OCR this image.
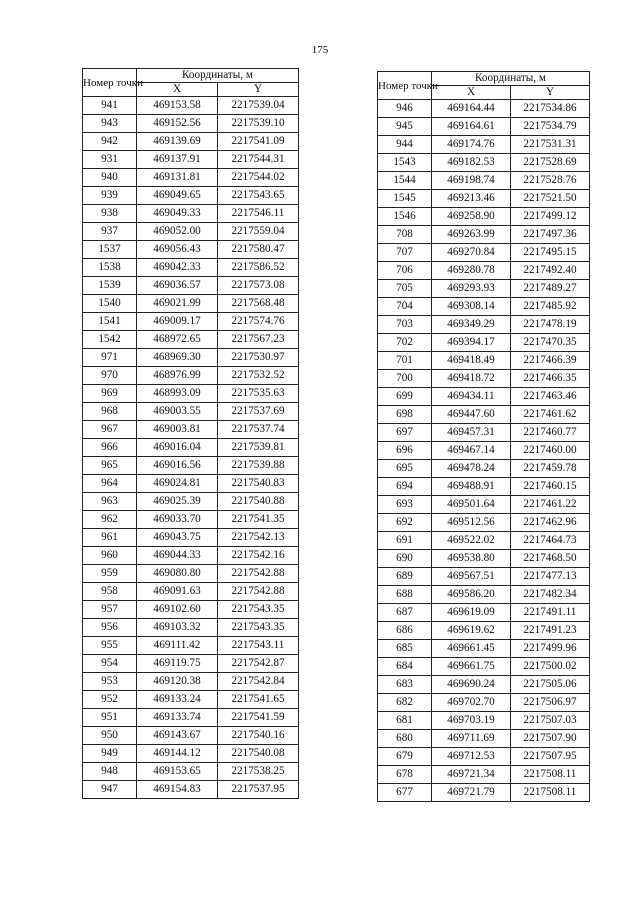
175
Номер точки	Координаты, м	
	X	Y
941	469153.58	2217539.04
943	469152.56	2217539.10
942	469139.69	2217541.09
931	469137.91	2217544.31
940	469131.81	2217544.02
939	469049.65	2217543.65
938	469049.33	2217546.11
937	469052.00	2217559.04
1537	469056.43	2217580.47
1538	469042.33	2217586.52
1539	469036.57	2217573.08
1540	469021.99	2217568.48
1541	469009.17	2217574.76
1542	468972.65	2217567.23
971	468969.30	2217530.97
970	468976.99	2217532.52
969	468993.09	2217535.63
968	469003.55	2217537.69
967	469003.81	2217537.74
966	469016.04	2217539.81
965	469016.56	2217539.88
964	469024.81	2217540.83
963	469025.39	2217540.88
962	469033.70	2217541.35
961	469043.75	2217542.13
960	469044.33	2217542.16
959	469080.80	2217542.88
958	469091.63	2217542.88
957	469102.60	2217543.35
956	469103.32	2217543.35
955	469111.42	2217543.11
954	469119.75	2217542.87
953	469120.38	2217542.84
952	469133.24	2217541.65
951	469133.74	2217541.59
950	469143.67	2217540.16
949	469144.12	2217540.08
948	469153.65	2217538.25
947	469154.83	2217537.95
Номер точки	Координаты, м	
	X	Y
946	469164.44	2217534.86
945	469164.61	2217534.79
944	469174.76	2217531.31
1543	469182.53	2217528.69
1544	469198.74	2217528.76
1545	469213.46	2217521.50
1546	469258.90	2217499.12
708	469263.99	2217497.36
707	469270.84	2217495.15
706	469280.78	2217492.40
705	469293.93	2217489.27
704	469308.14	2217485.92
703	469349.29	2217478.19
702	469394.17	2217470.35
701	469418.49	2217466.39
700	469418.72	2217466.35
699	469434.11	2217463.46
698	469447.60	2217461.62
697	469457.31	2217460.77
696	469467.14	2217460.00
695	469478.24	2217459.78
694	469488.91	2217460.15
693	469501.64	2217461.22
692	469512.56	2217462.96
691	469522.02	2217464.73
690	469538.80	2217468.50
689	469567.51	2217477.13
688	469586.20	2217482.34
687	469619.09	2217491.11
686	469619.62	2217491.23
685	469661.45	2217499.96
684	469661.75	2217500.02
683	469690.24	2217505.06
682	469702.70	2217506.97
681	469703.19	2217507.03
680	469711.69	2217507.90
679	469712.53	2217507.95
678	469721.34	2217508.11
677	469721.79	2217508.11
